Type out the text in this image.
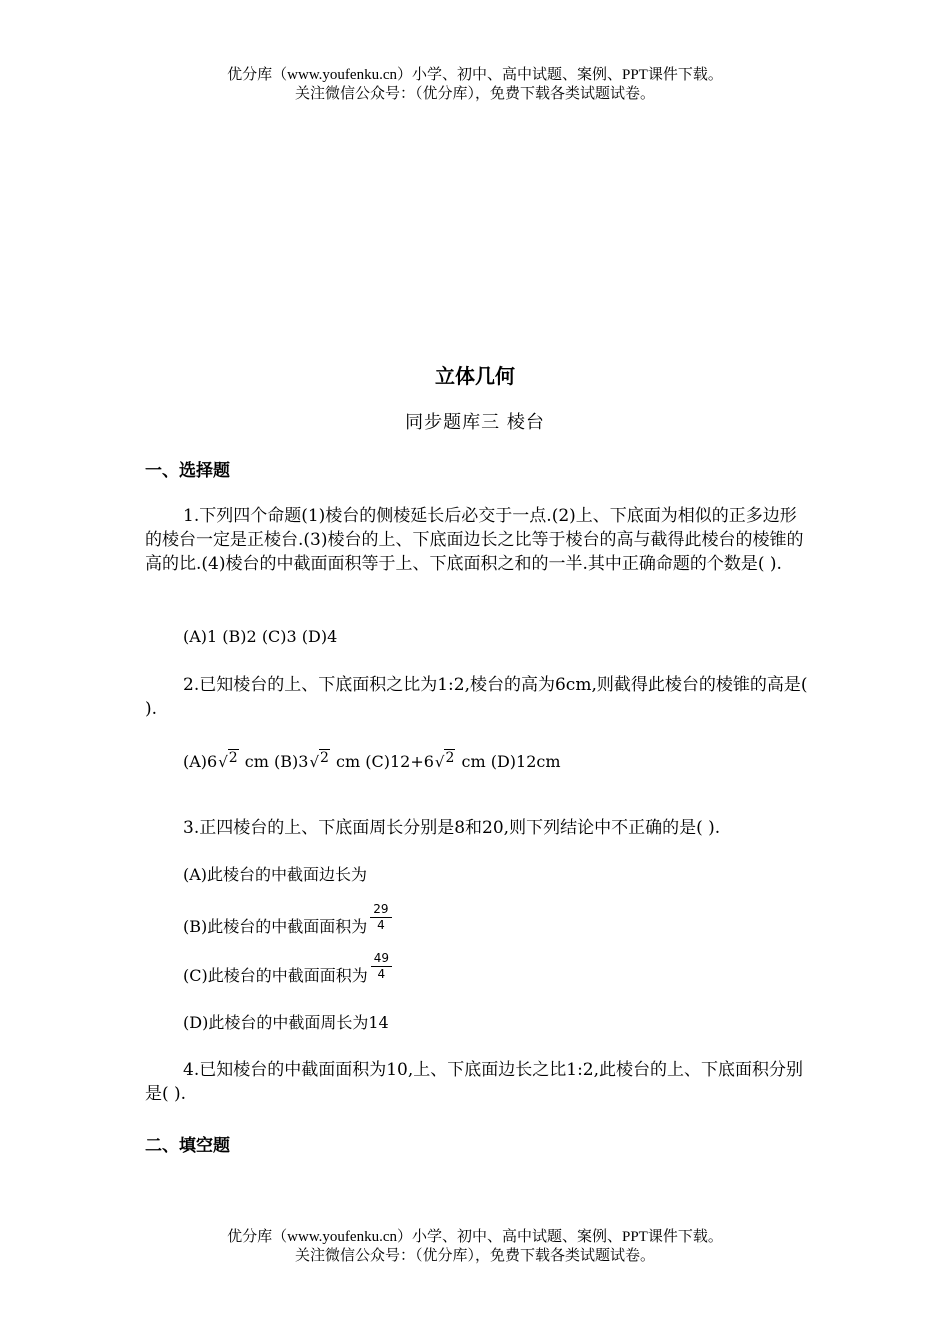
优分库（www.youfenku.cn）小学、初中、高中试题、案例、PPT课件下载。
关注微信公众号：（优分库），免费下载各类试题试卷。
立体几何
同步题库三 棱台
一、选择题
1.下列四个命题(1)棱台的侧棱延长后必交于一点.(2)上、下底面为相似的正多边形的棱台一定是正棱台.(3)棱台的上、下底面边长之比等于棱台的高与截得此棱台的棱锥的高的比.(4)棱台的中截面面积等于上、下底面积之和的一半.其中正确命题的个数是( ).
(A)1 (B)2 (C)3 (D)4
2.已知棱台的上、下底面积之比为1:2,棱台的高为6cm,则截得此棱台的棱锥的高是( ).
(A)6√2 cm (B)3√2 cm (C)12+6√2 cm (D)12cm
3.正四棱台的上、下底面周长分别是8和20,则下列结论中不正确的是( ).
(A)此棱台的中截面边长为
(B)此棱台的中截面面积为 $\frac{29}{4}$
(C)此棱台的中截面面积为 $\frac{49}{4}$
(D)此棱台的中截面周长为14
4.已知棱台的中截面面积为10,上、下底面边长之比1:2,此棱台的上、下底面积分别是( ).
二、填空题
优分库（www.youfenku.cn）小学、初中、高中试题、案例、PPT课件下载。
关注微信公众号：（优分库），免费下载各类试题试卷。
